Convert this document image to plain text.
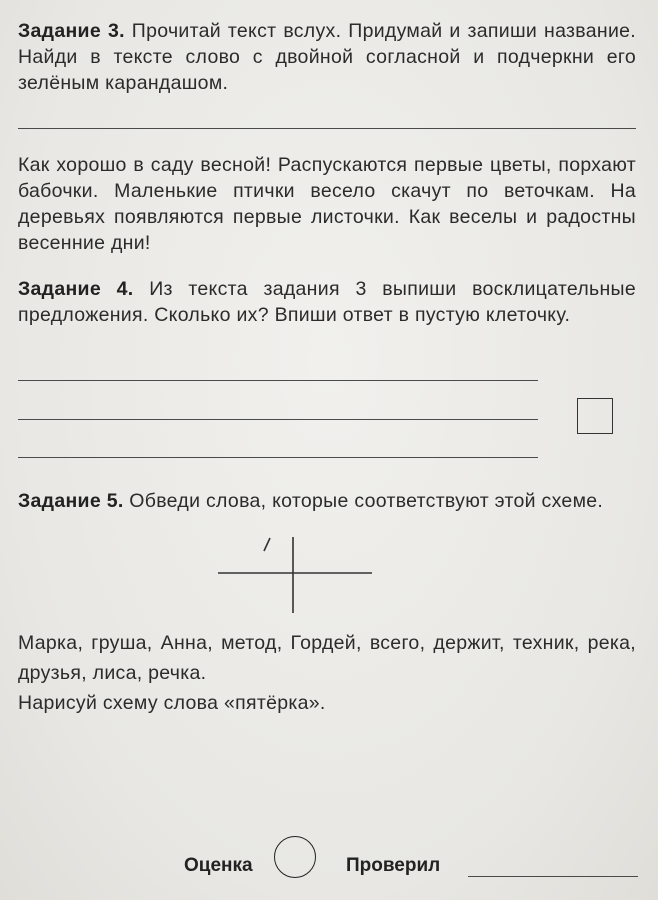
Задание 3. Прочитай текст вслух. Придумай и запиши название. Найди в тексте слово с двойной согласной и подчеркни его зелёным карандашом.

Как хорошо в саду весной! Распускаются первые цветы, порхают бабочки. Маленькие птички весело скачут по веточкам. На деревьях появляются первые листочки. Как веселы и радостны весенние дни!

Задание 4. Из текста задания 3 выпиши восклицательные предложения. Сколько их? Впиши ответ в пустую клеточку.

Задание 5. Обведи слова, которые соответствуют этой схеме.

Марка, груша, Анна, метод, Гордей, всего, держит, техник, река, друзья, лиса, речка.

Нарисуй схему слова «пятёрка».

Оценка	Проверил
